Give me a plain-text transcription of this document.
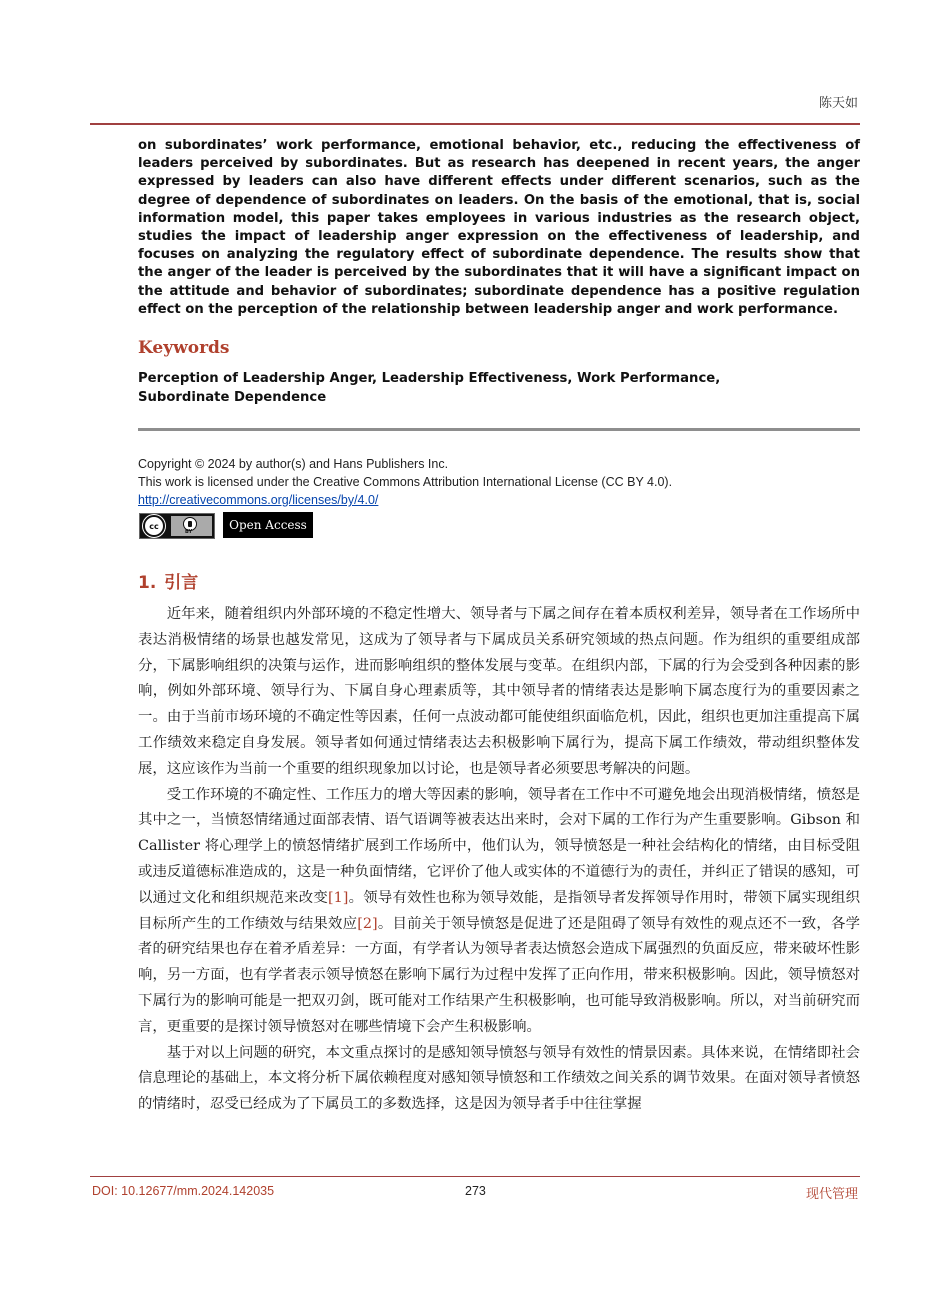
陈天如
on subordinates’ work performance, emotional behavior, etc., reducing the effectiveness of leaders perceived by subordinates. But as research has deepened in recent years, the anger expressed by leaders can also have different effects under different scenarios, such as the degree of dependence of subordinates on leaders. On the basis of the emotional, that is, social information model, this paper takes employees in various industries as the research object, studies the impact of leadership anger expression on the effectiveness of leadership, and focuses on analyzing the regulatory effect of subordinate dependence. The results show that the anger of the leader is perceived by the subordinates that it will have a significant impact on the attitude and behavior of subordinates; subordinate dependence has a positive regulation effect on the perception of the relationship between leadership anger and work performance.
Keywords
Perception of Leadership Anger, Leadership Effectiveness, Work Performance,
Subordinate Dependence
Copyright © 2024 by author(s) and Hans Publishers Inc.
This work is licensed under the Creative Commons Attribution International License (CC BY 4.0).
http://creativecommons.org/licenses/by/4.0/
cc
BY	Open Access
1. 引言

近年来，随着组织内外部环境的不稳定性增大、领导者与下属之间存在着本质权利差异，领导者在工作场所中表达消极情绪的场景也越发常见，这成为了领导者与下属成员关系研究领域的热点问题。作为组织的重要组成部分，下属影响组织的决策与运作，进而影响组织的整体发展与变革。在组织内部，下属的行为会受到各种因素的影响，例如外部环境、领导行为、下属自身心理素质等，其中领导者的情绪表达是影响下属态度行为的重要因素之一。由于当前市场环境的不确定性等因素，任何一点波动都可能使组织面临危机，因此，组织也更加注重提高下属工作绩效来稳定自身发展。领导者如何通过情绪表达去积极影响下属行为，提高下属工作绩效，带动组织整体发展，这应该作为当前一个重要的组织现象加以讨论，也是领导者必须要思考解决的问题。

受工作环境的不确定性、工作压力的增大等因素的影响，领导者在工作中不可避免地会出现消极情绪，愤怒是其中之一，当愤怒情绪通过面部表情、语气语调等被表达出来时，会对下属的工作行为产生重要影响。Gibson 和 Callister 将心理学上的愤怒情绪扩展到工作场所中，他们认为，领导愤怒是一种社会结构化的情绪，由目标受阻或违反道德标准造成的，这是一种负面情绪，它评价了他人或实体的不道德行为的责任，并纠正了错误的感知，可以通过文化和组织规范来改变[1]。领导有效性也称为领导效能，是指领导者发挥领导作用时，带领下属实现组织目标所产生的工作绩效与结果效应[2]。目前关于领导愤怒是促进了还是阻碍了领导有效性的观点还不一致，各学者的研究结果也存在着矛盾差异：一方面，有学者认为领导者表达愤怒会造成下属强烈的负面反应，带来破坏性影响，另一方面，也有学者表示领导愤怒在影响下属行为过程中发挥了正向作用，带来积极影响。因此，领导愤怒对下属行为的影响可能是一把双刃剑，既可能对工作结果产生积极影响，也可能导致消极影响。所以，对当前研究而言，更重要的是探讨领导愤怒对在哪些情境下会产生积极影响。

基于对以上问题的研究，本文重点探讨的是感知领导愤怒与领导有效性的情景因素。具体来说，在情绪即社会信息理论的基础上，本文将分析下属依赖程度对感知领导愤怒和工作绩效之间关系的调节效果。在面对领导者愤怒的情绪时，忍受已经成为了下属员工的多数选择，这是因为领导者手中往往掌握

DOI: 10.12677/mm.2024.142035	273	现代管理
